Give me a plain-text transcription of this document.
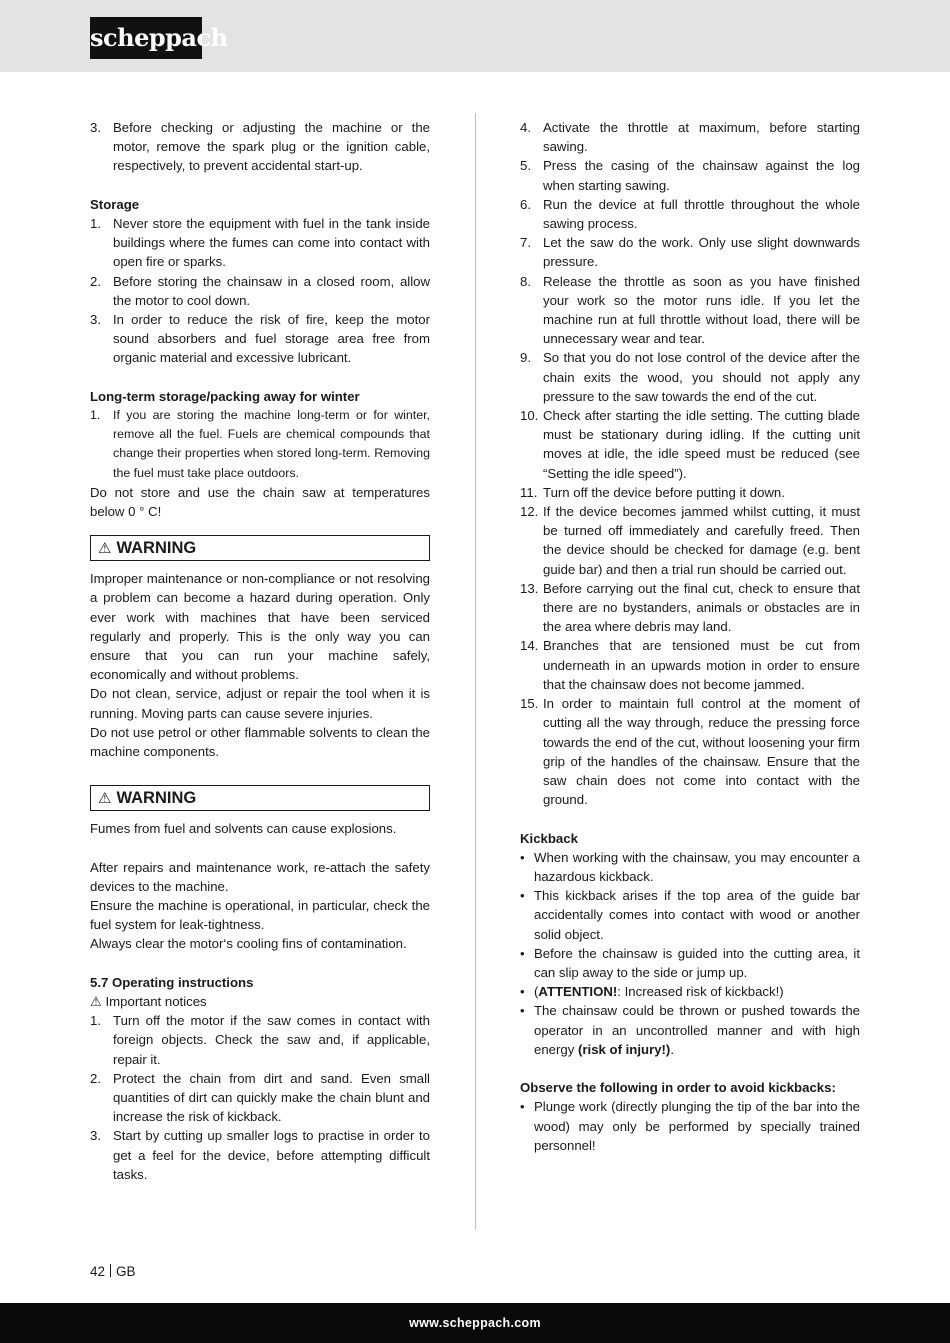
scheppach
3. Before checking or adjusting the machine or the motor, remove the spark plug or the ignition cable, respectively, to prevent accidental start-up.
Storage
1. Never store the equipment with fuel in the tank inside buildings where the fumes can come into contact with open fire or sparks.
2. Before storing the chainsaw in a closed room, allow the motor to cool down.
3. In order to reduce the risk of fire, keep the motor sound absorbers and fuel storage area free from organic material and excessive lubricant.
Long-term storage/packing away for winter
1. If you are storing the machine long-term or for winter, remove all the fuel. Fuels are chemical compounds that change their properties when stored long-term. Removing the fuel must take place outdoors.

Do not store and use the chain saw at temperatures below 0 ° C!

⚠ WARNING

Improper maintenance or non-compliance or not resolving a problem can become a hazard during operation. Only ever work with machines that have been serviced regularly and properly. This is the only way you can ensure that you can run your machine safely, economically and without problems.

Do not clean, service, adjust or repair the tool when it is running. Moving parts can cause severe injuries.

Do not use petrol or other flammable solvents to clean the machine components.

⚠ WARNING

Fumes from fuel and solvents can cause explosions.

After repairs and maintenance work, re-attach the safety devices to the machine.

Ensure the machine is operational, in particular, check the fuel system for leak-tightness.

Always clear the motor‘s cooling fins of contamination.

5.7 Operating instructions
⚠ Important notices
1. Turn off the motor if the saw comes in contact with foreign objects. Check the saw and, if applicable, repair it.
2. Protect the chain from dirt and sand. Even small quantities of dirt can quickly make the chain blunt and increase the risk of kickback.
3. Start by cutting up smaller logs to practise in order to get a feel for the device, before attempting difficult tasks.
4. Activate the throttle at maximum, before starting sawing.
5. Press the casing of the chainsaw against the log when starting sawing.
6. Run the device at full throttle throughout the whole sawing process.
7. Let the saw do the work. Only use slight downwards pressure.
8. Release the throttle as soon as you have finished your work so the motor runs idle. If you let the machine run at full throttle without load, there will be unnecessary wear and tear.
9. So that you do not lose control of the device after the chain exits the wood, you should not apply any pressure to the saw towards the end of the cut.
10. Check after starting the idle setting. The cutting blade must be stationary during idling. If the cutting unit moves at idle, the idle speed must be reduced (see “Setting the idle speed”).
11. Turn off the device before putting it down.
12. If the device becomes jammed whilst cutting, it must be turned off immediately and carefully freed. Then the device should be checked for damage (e.g. bent guide bar) and then a trial run should be carried out.
13. Before carrying out the final cut, check to ensure that there are no bystanders, animals or obstacles are in the area where debris may land.
14. Branches that are tensioned must be cut from underneath in an upwards motion in order to ensure that the chainsaw does not become jammed.
15. In order to maintain full control at the moment of cutting all the way through, reduce the pressing force towards the end of the cut, without loosening your firm grip of the handles of the chainsaw. Ensure that the saw chain does not come into contact with the ground.
Kickback
• When working with the chainsaw, you may encounter a hazardous kickback.
• This kickback arises if the top area of the guide bar accidentally comes into contact with wood or another solid object.
• Before the chainsaw is guided into the cutting area, it can slip away to the side or jump up.
• (ATTENTION!: Increased risk of kickback!)
• The chainsaw could be thrown or pushed towards the operator in an uncontrolled manner and with high energy (risk of injury!).

Observe the following in order to avoid kickbacks:

• Plunge work (directly plunging the tip of the bar into the wood) may only be performed by specially trained personnel!
42 GB
www.scheppach.com
